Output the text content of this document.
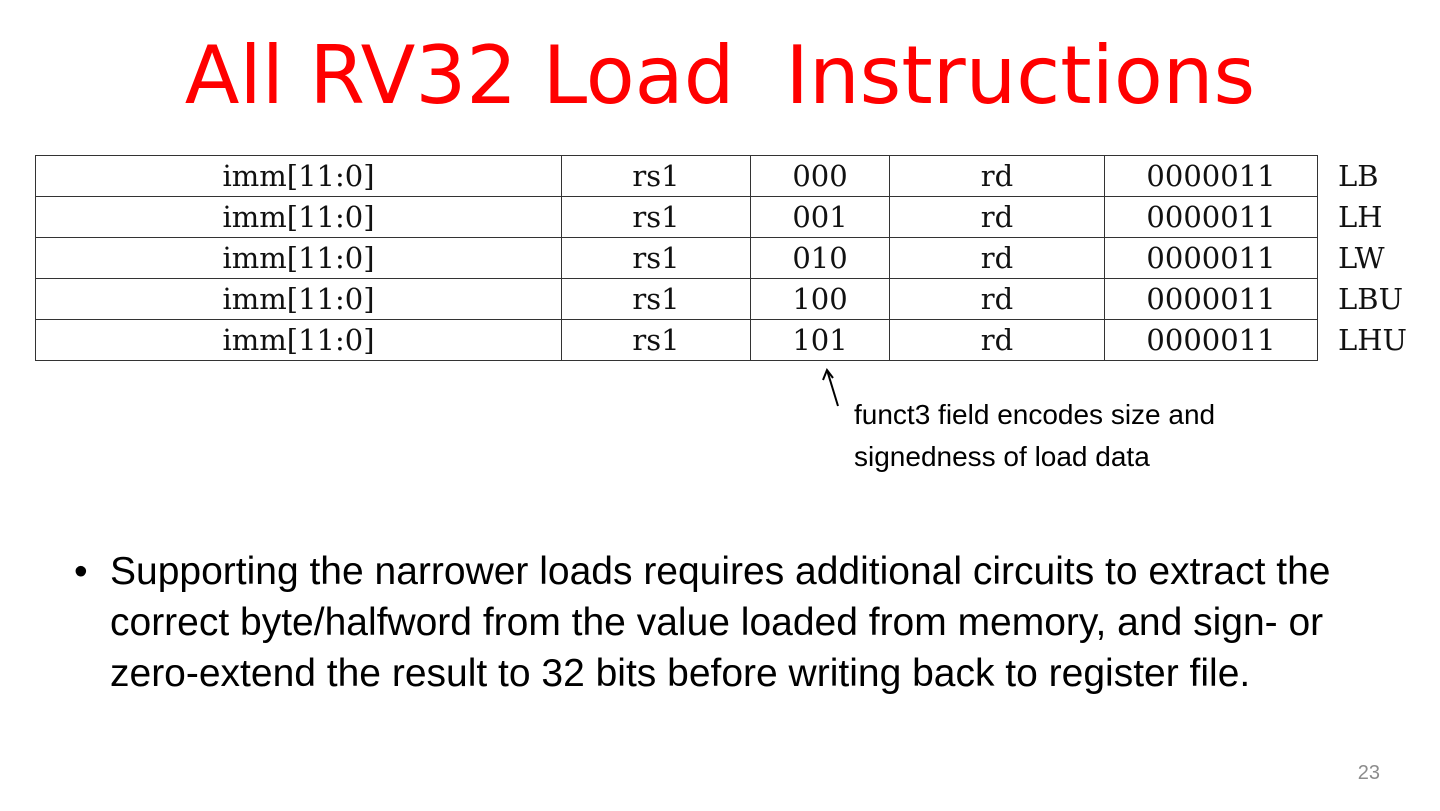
All RV32 Load  Instructions
imm[11:0]	rs1	000	rd	0000011	LB
imm[11:0]	rs1	001	rd	0000011	LH
imm[11:0]	rs1	010	rd	0000011	LW
imm[11:0]	rs1	100	rd	0000011	LBU
imm[11:0]	rs1	101	rd	0000011	LHU

funct3 field encodes size and
signedness of load data

• Supporting the narrower loads requires additional circuits to extract the correct byte/halfword from the value loaded from memory, and sign- or zero-extend the result to 32 bits before writing back to register file.
23
